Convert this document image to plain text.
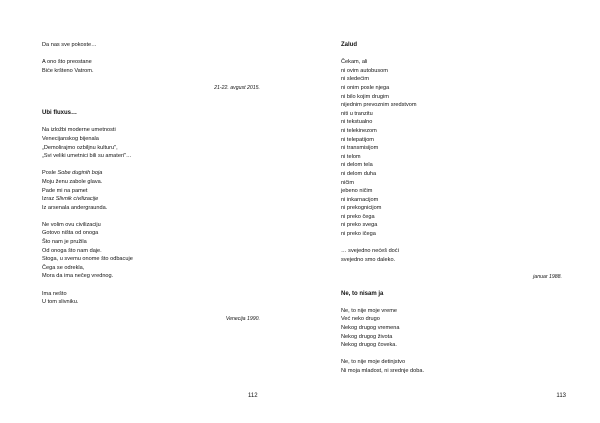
Da nas sve pokoste…
A ono što preostane
Biće kršteno Vatrom.
21-22. avgust 2015.
Ubi fluxus…
Na izložbi moderne umetnosti
Venecijanskog bijenala
„Demolirajmo ozbiljnu kulturu",
„Svi veliki umetnici bili su amateri"…
Posle Sobe duginih boja
Moju ženu zabole glava.
Pade mi na pamet
Izraz Slivnik civilizacije
Iz arsenala andergraunda.
Ne volim ovu civilizaciju
Gotovo ništa od onoga
Što nam je pružila
Od onoga što nam daje.
Stoga, u svemu onome što odbacuje
Čega se odrekla,
Mora da ima nečeg vrednog.
Ima nešto
U tom slivniku.
Venecija 1990.
112
Zalud
Čekam, ali
ni ovim autobusom
ni sledećim
ni onim posle njega
ni bilo kojim drugim
nijednim prevoznim sredstvom
niti u tranzitu
ni tekstualno
ni telekinezom
ni telepatijom
ni transmisijom
ni telom
ni delom tela
ni delom duha
ničim
jebeno ničim
ni inkarnacijom
ni prekognicijom
ni preko čega
ni preko svega
ni preko ičega
… svejedno nećeš doći
svejedno smo daleko.
januar 1988.
Ne, to nisam ja
Ne, to nije moje vreme
Već neko drugo
Nekog drugog vremena
Nekog drugog života
Nekog drugog čoveka.
Ne, to nije moje detinjstvo
Ni moja mladost, ni srednje doba.
113
